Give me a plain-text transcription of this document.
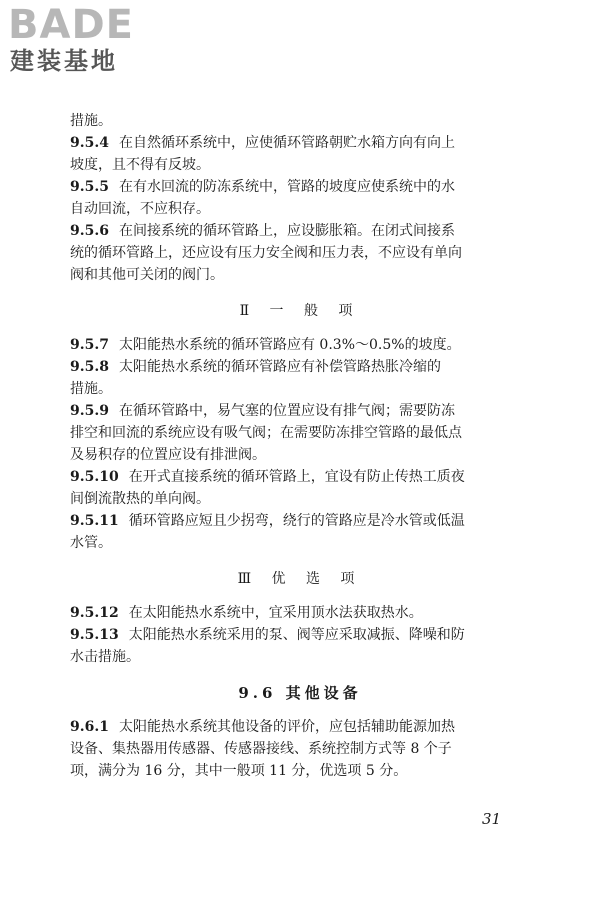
BADE
建装基地
措施。
9.5.4 在自然循环系统中，应使循环管路朝贮水箱方向有向上
坡度，且不得有反坡。
9.5.5 在有水回流的防冻系统中，管路的坡度应使系统中的水
自动回流，不应积存。
9.5.6 在间接系统的循环管路上，应设膨胀箱。在闭式间接系
统的循环管路上，还应设有压力安全阀和压力表，不应设有单向
阀和其他可关闭的阀门。
Ⅱ 一 般 项
9.5.7 太阳能热水系统的循环管路应有 0.3%～0.5%的坡度。
9.5.8 太阳能热水系统的循环管路应有补偿管路热胀冷缩的
措施。
9.5.9 在循环管路中，易气塞的位置应设有排气阀；需要防冻
排空和回流的系统应设有吸气阀；在需要防冻排空管路的最低点
及易积存的位置应设有排泄阀。
9.5.10 在开式直接系统的循环管路上，宜设有防止传热工质夜
间倒流散热的单向阀。
9.5.11 循环管路应短且少拐弯，绕行的管路应是冷水管或低温
水管。
Ⅲ 优 选 项
9.5.12 在太阳能热水系统中，宜采用顶水法获取热水。
9.5.13 太阳能热水系统采用的泵、阀等应采取减振、降噪和防
水击措施。
9.6 其他设备
9.6.1 太阳能热水系统其他设备的评价，应包括辅助能源加热
设备、集热器用传感器、传感器接线、系统控制方式等 8 个子
项，满分为 16 分，其中一般项 11 分，优选项 5 分。
31
